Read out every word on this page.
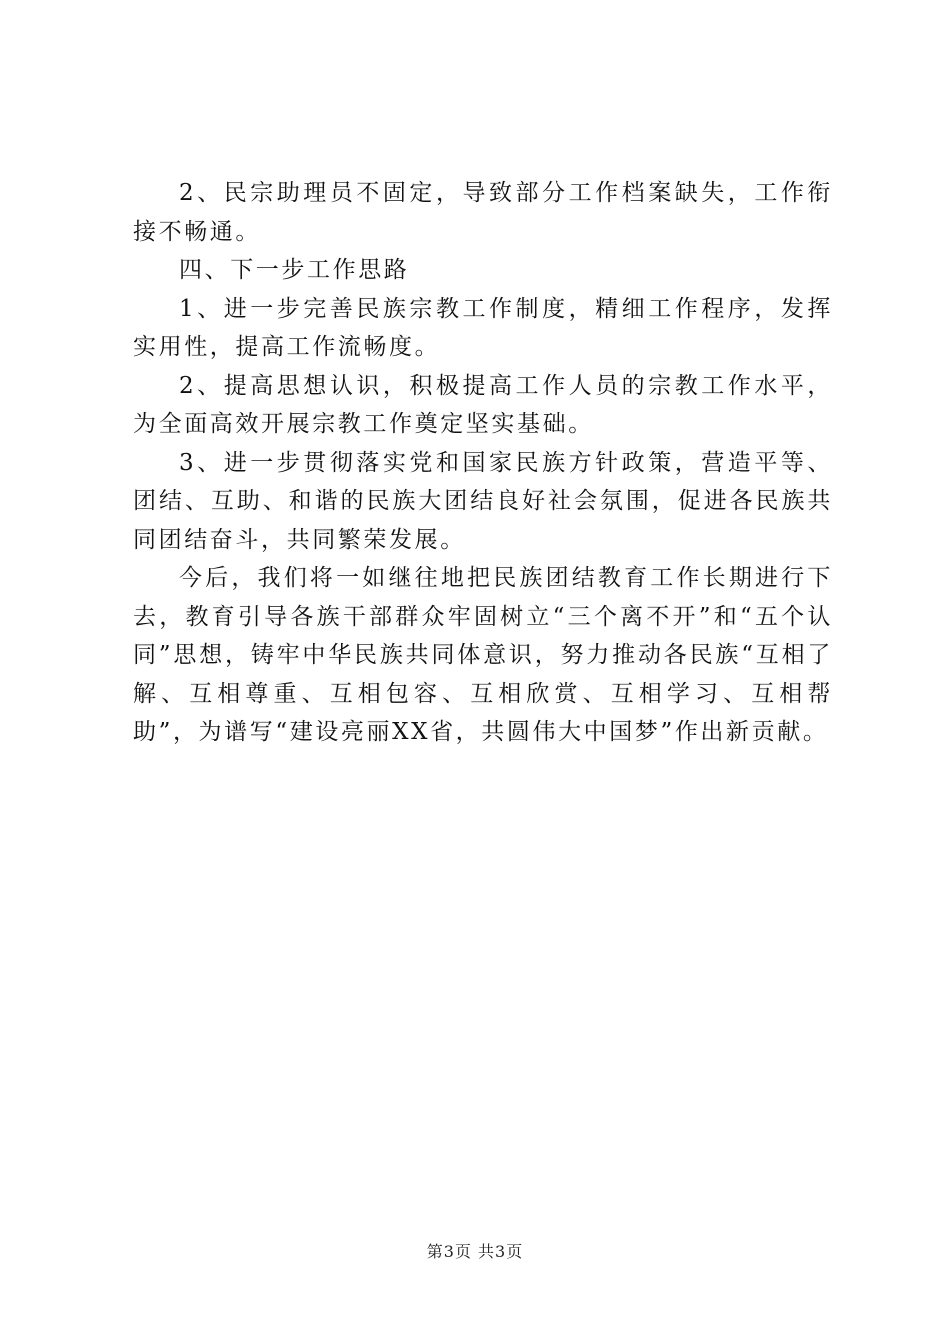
2、民宗助理员不固定，导致部分工作档案缺失，工作衔接不畅通。

四、下一步工作思路

1、进一步完善民族宗教工作制度，精细工作程序，发挥实用性，提高工作流畅度。

2、提高思想认识，积极提高工作人员的宗教工作水平，为全面高效开展宗教工作奠定坚实基础。

3、进一步贯彻落实党和国家民族方针政策，营造平等、团结、互助、和谐的民族大团结良好社会氛围，促进各民族共同团结奋斗，共同繁荣发展。

今后，我们将一如继往地把民族团结教育工作长期进行下去，教育引导各族干部群众牢固树立“三个离不开”和“五个认同”思想，铸牢中华民族共同体意识，努力推动各民族“互相了解、互相尊重、互相包容、互相欣赏、互相学习、互相帮助”，为谱写“建设亮丽XX省，共圆伟大中国梦”作出新贡献。

第3页 共3页
